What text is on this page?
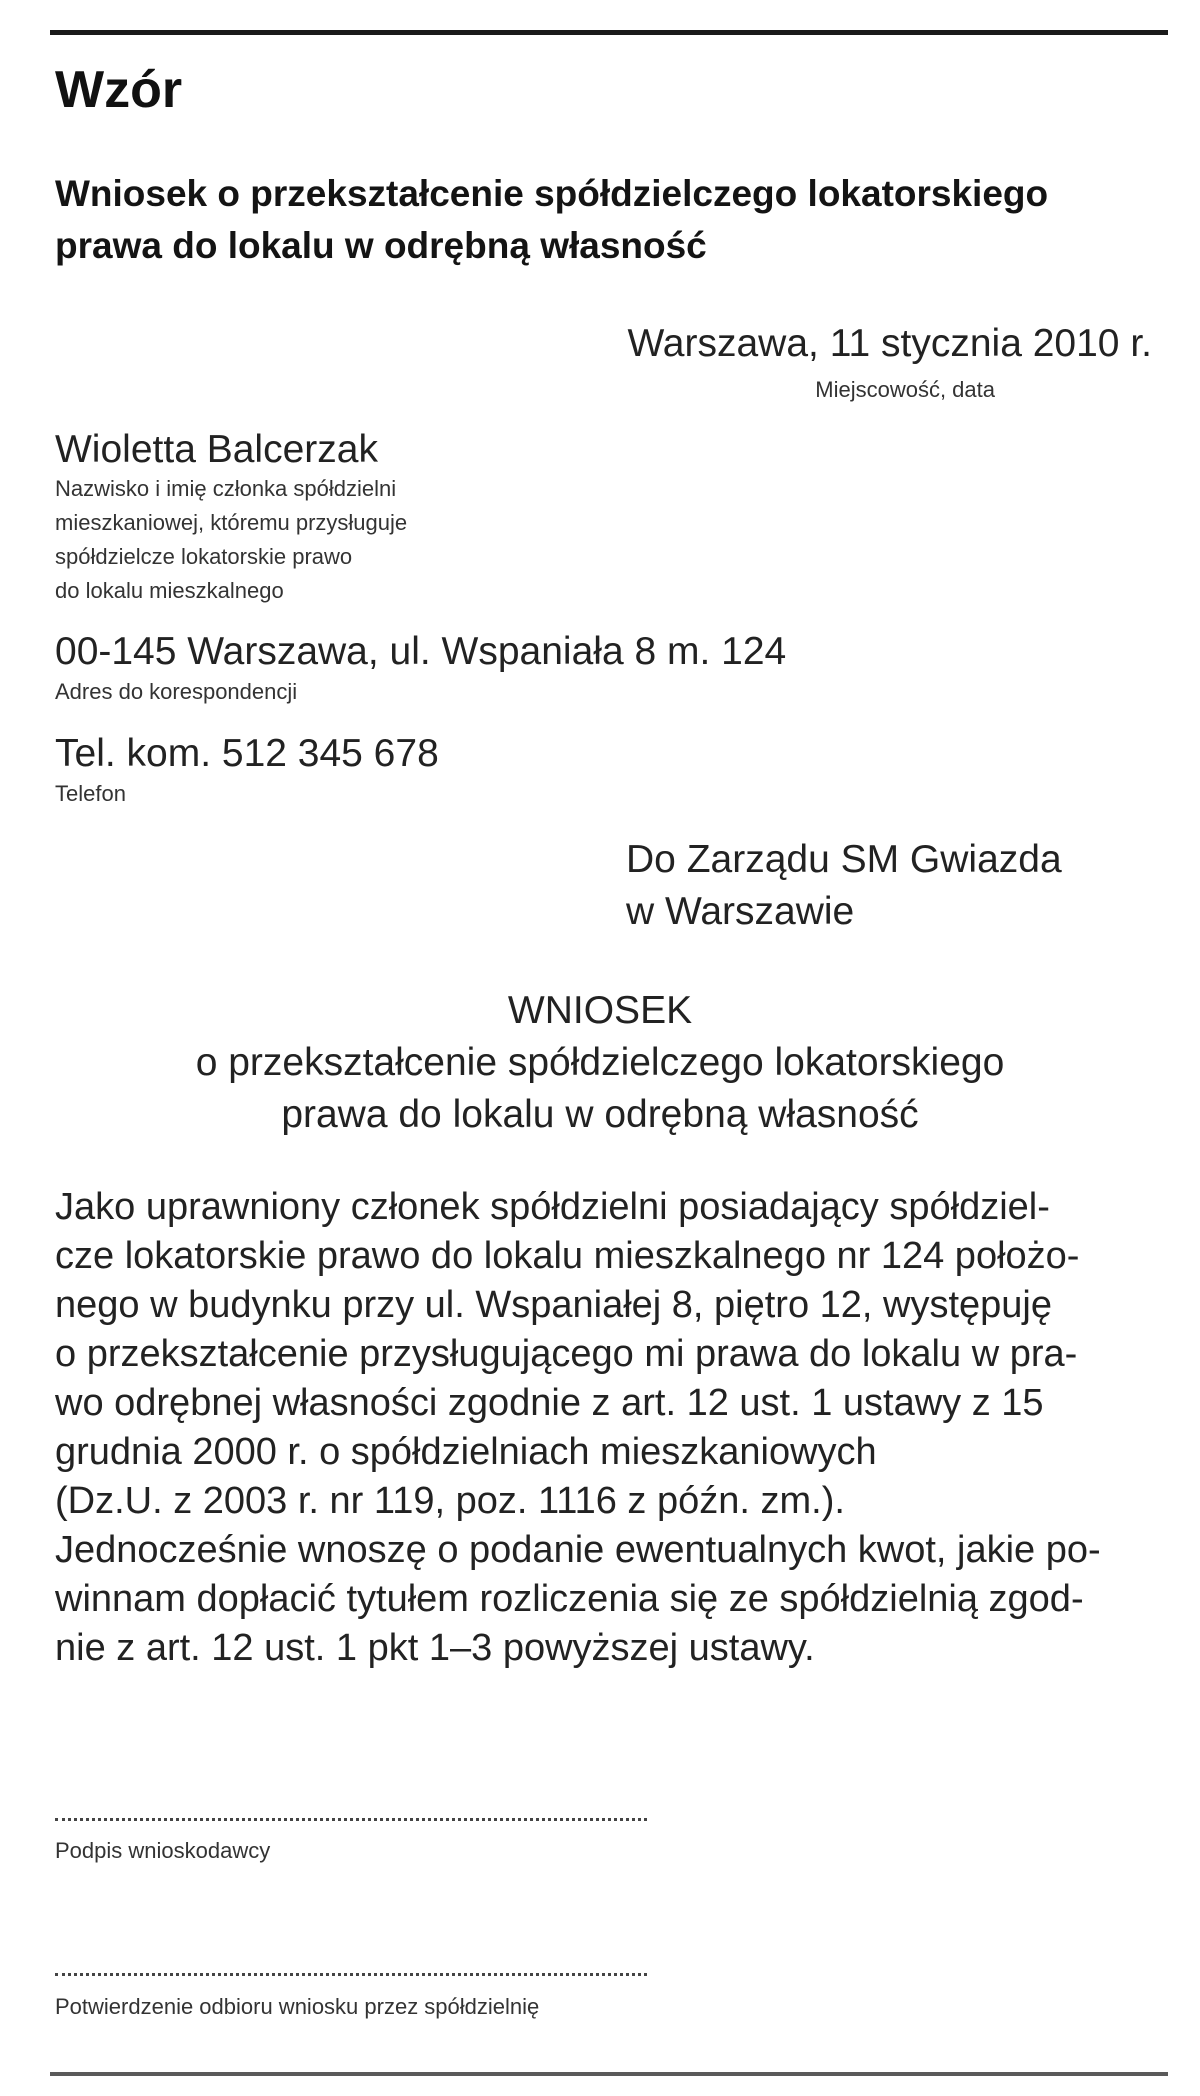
Wzór
Wniosek o przekształcenie spółdzielczego lokatorskiego
prawa do lokalu w odrębną własność
Warszawa, 11 stycznia 2010 r.
Miejscowość, data
Wioletta Balcerzak
Nazwisko i imię członka spółdzielni
mieszkaniowej, któremu przysługuje
spółdzielcze lokatorskie prawo
do lokalu mieszkalnego
00-145 Warszawa, ul. Wspaniała 8 m. 124
Adres do korespondencji
Tel. kom. 512 345 678
Telefon
Do Zarządu SM Gwiazda
w Warszawie
WNIOSEK
o przekształcenie spółdzielczego lokatorskiego
prawa do lokalu w odrębną własność
Jako uprawniony członek spółdzielni posiadający spółdziel-
cze lokatorskie prawo do lokalu mieszkalnego nr 124 położo-
nego w budynku przy ul. Wspaniałej 8, piętro 12, występuję
o przekształcenie przysługującego mi prawa do lokalu w pra-
wo odrębnej własności zgodnie z art. 12 ust. 1 ustawy z 15
grudnia 2000 r. o spółdzielniach mieszkaniowych
(Dz.U. z 2003 r. nr 119, poz. 1116 z późn. zm.).
Jednocześnie wnoszę o podanie ewentualnych kwot, jakie po-
winnam dopłacić tytułem rozliczenia się ze spółdzielnią zgod-
nie z art. 12 ust. 1 pkt 1–3 powyższej ustawy.
Podpis wnioskodawcy
Potwierdzenie odbioru wniosku przez spółdzielnię
